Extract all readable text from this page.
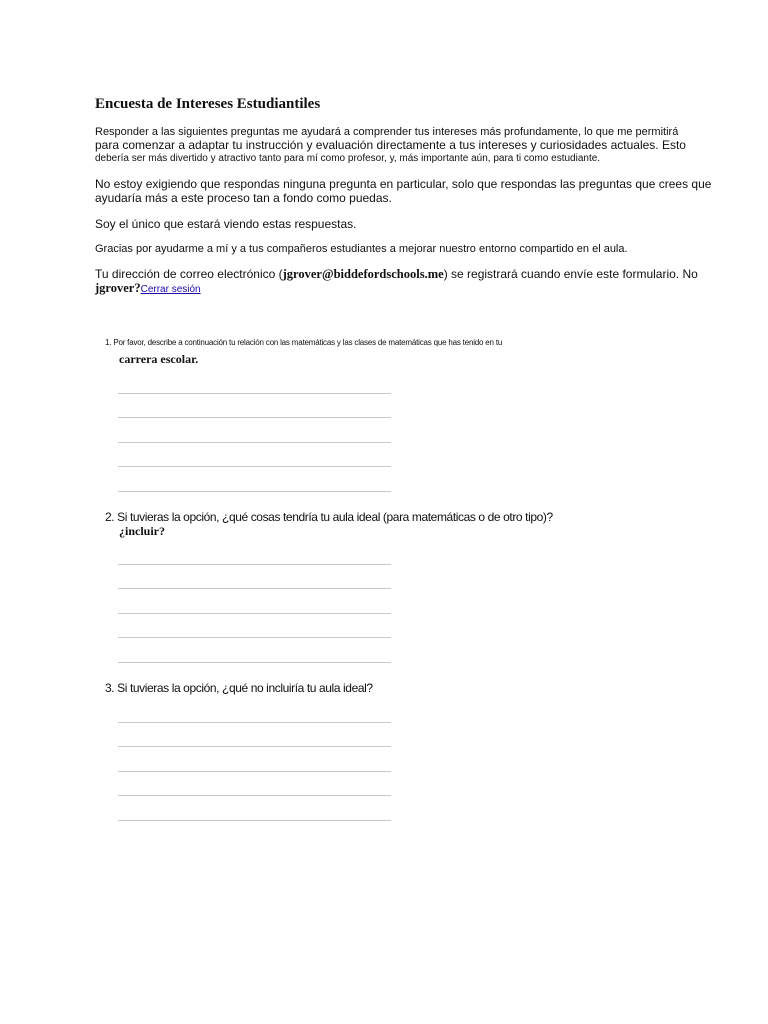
Encuesta de Intereses Estudiantiles
Responder a las siguientes preguntas me ayudará a comprender tus intereses más profundamente, lo que me permitirá
para comenzar a adaptar tu instrucción y evaluación directamente a tus intereses y curiosidades actuales. Esto
debería ser más divertido y atractivo tanto para mí como profesor, y, más importante aún, para ti como estudiante.
No estoy exigiendo que respondas ninguna pregunta en particular, solo que respondas las preguntas que crees que ayudaría más a este proceso tan a fondo como puedas.
Soy el único que estará viendo estas respuestas.
Gracias por ayudarme a mí y a tus compañeros estudiantes a mejorar nuestro entorno compartido en el aula.
Tu dirección de correo electrónico (jgrover@biddefordschools.me) se registrará cuando envíe este formulario. No
jgrover?Cerrar sesión
1. Por favor, describe a continuación tu relación con las matemáticas y las clases de matemáticas que has tenido en tu
carrera escolar.
2. Si tuvieras la opción, ¿qué cosas tendría tu aula ideal (para matemáticas o de otro tipo)?
¿incluir?
3. Si tuvieras la opción, ¿qué no incluiría tu aula ideal?
